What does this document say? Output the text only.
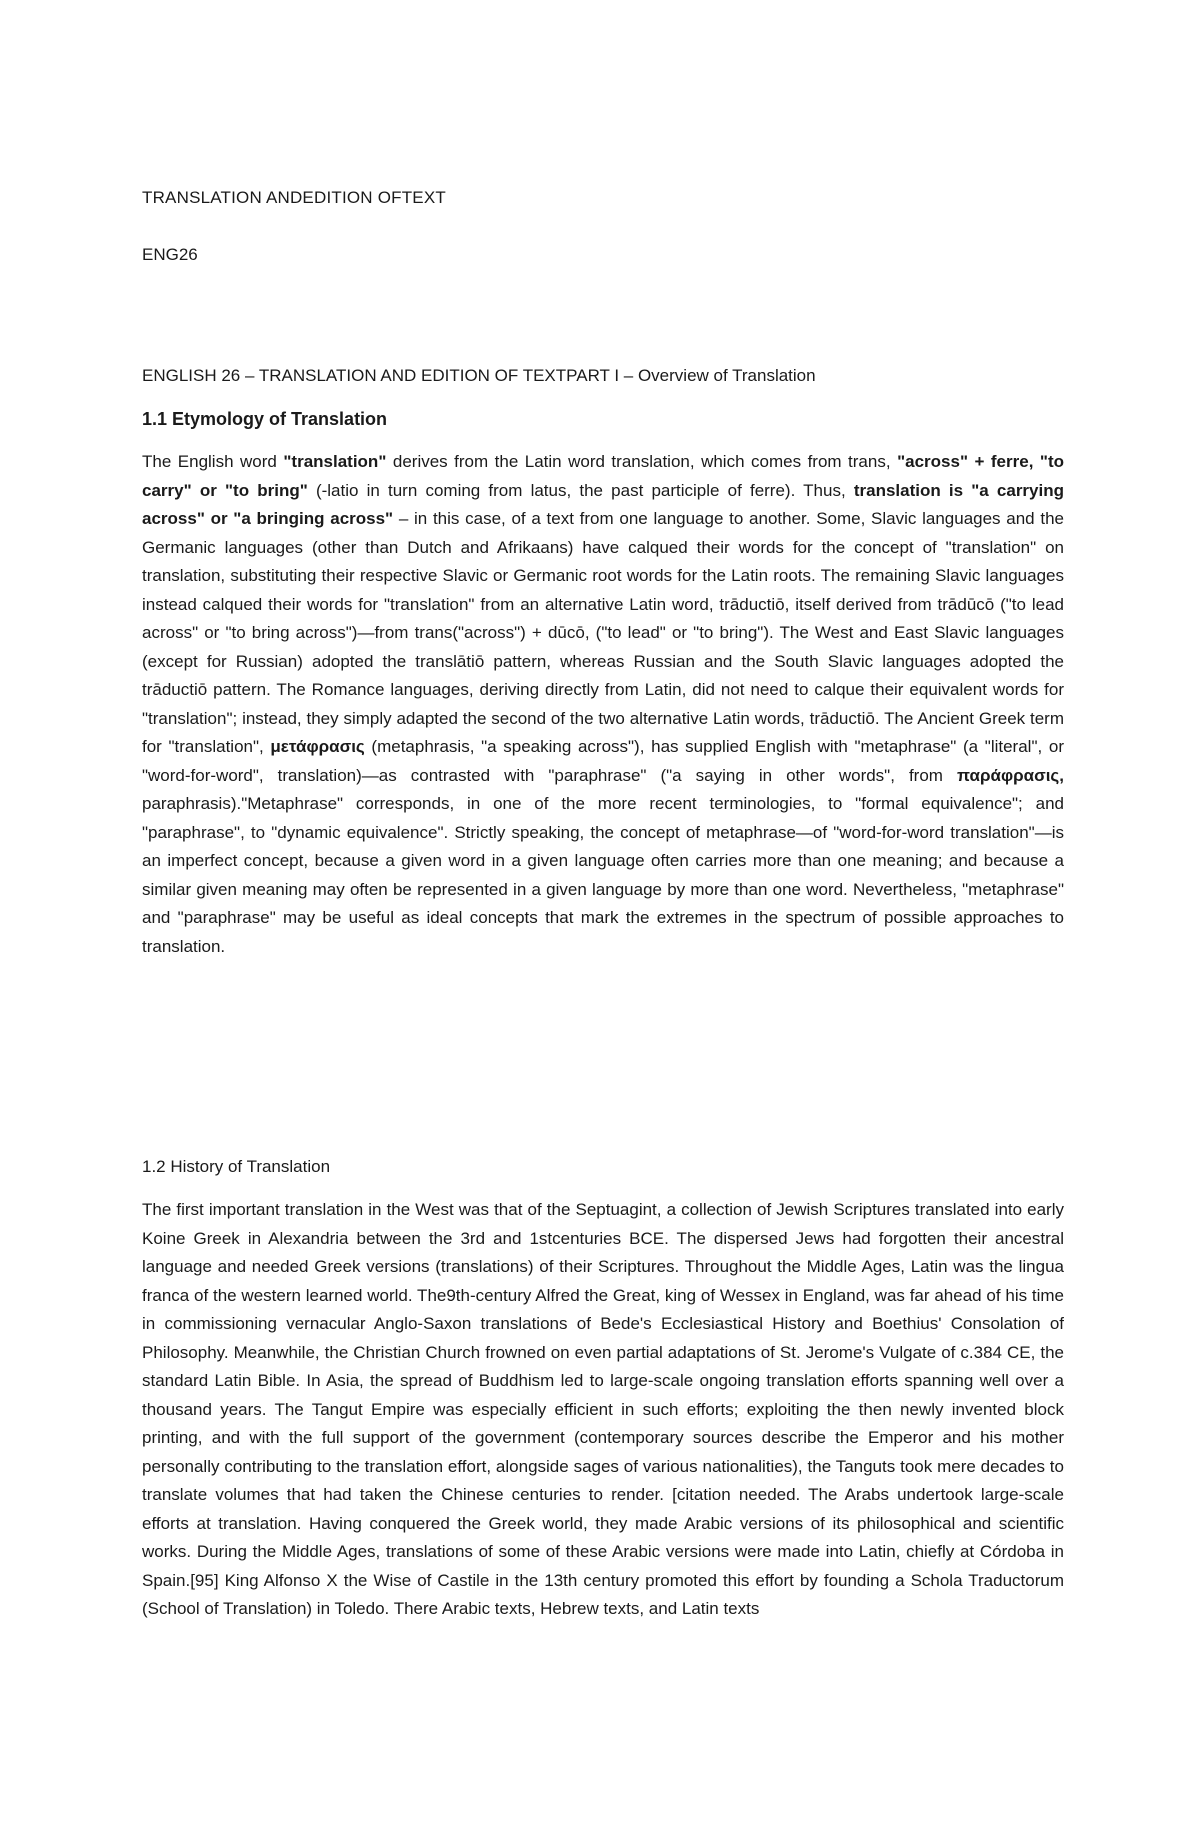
TRANSLATION ANDEDITION OFTEXT

ENG26

ENGLISH 26 – TRANSLATION AND EDITION OF TEXTPART I – Overview of Translation

1.1 Etymology of Translation

The English word "translation" derives from the Latin word translation, which comes from trans, "across" + ferre, "to carry" or "to bring" (-latio in turn coming from latus, the past participle of ferre). Thus, translation is "a carrying across" or "a bringing across" – in this case, of a text from one language to another. Some, Slavic languages and the Germanic languages (other than Dutch and Afrikaans) have calqued their words for the concept of "translation" on translation, substituting their respective Slavic or Germanic root words for the Latin roots. The remaining Slavic languages instead calqued their words for "translation" from an alternative Latin word, trāductiō, itself derived from trādūcō ("to lead across" or "to bring across")—from trans("across") + dūcō, ("to lead" or "to bring"). The West and East Slavic languages (except for Russian) adopted the translātiō pattern, whereas Russian and the South Slavic languages adopted the trāductiō pattern. The Romance languages, deriving directly from Latin, did not need to calque their equivalent words for "translation"; instead, they simply adapted the second of the two alternative Latin words, trāductiō. The Ancient Greek term for "translation", μετάφρασις (metaphrasis, "a speaking across"), has supplied English with "metaphrase" (a "literal", or "word-for-word", translation)—as contrasted with "paraphrase" ("a saying in other words", from παράφρασις, paraphrasis)."Metaphrase" corresponds, in one of the more recent terminologies, to "formal equivalence"; and "paraphrase", to "dynamic equivalence". Strictly speaking, the concept of metaphrase—of "word-for-word translation"—is an imperfect concept, because a given word in a given language often carries more than one meaning; and because a similar given meaning may often be represented in a given language by more than one word. Nevertheless, "metaphrase" and "paraphrase" may be useful as ideal concepts that mark the extremes in the spectrum of possible approaches to translation.

1.2 History of Translation

The first important translation in the West was that of the Septuagint, a collection of Jewish Scriptures translated into early Koine Greek in Alexandria between the 3rd and 1stcenturies BCE. The dispersed Jews had forgotten their ancestral language and needed Greek versions (translations) of their Scriptures. Throughout the Middle Ages, Latin was the lingua franca of the western learned world. The9th-century Alfred the Great, king of Wessex in England, was far ahead of his time in commissioning vernacular Anglo-Saxon translations of Bede's Ecclesiastical History and Boethius' Consolation of Philosophy. Meanwhile, the Christian Church frowned on even partial adaptations of St. Jerome's Vulgate of c.384 CE, the standard Latin Bible. In Asia, the spread of Buddhism led to large-scale ongoing translation efforts spanning well over a thousand years. The Tangut Empire was especially efficient in such efforts; exploiting the then newly invented block printing, and with the full support of the government (contemporary sources describe the Emperor and his mother personally contributing to the translation effort, alongside sages of various nationalities), the Tanguts took mere decades to translate volumes that had taken the Chinese centuries to render. [citation needed. The Arabs undertook large-scale efforts at translation. Having conquered the Greek world, they made Arabic versions of its philosophical and scientific works. During the Middle Ages, translations of some of these Arabic versions were made into Latin, chiefly at Córdoba in Spain.[95] King Alfonso X the Wise of Castile in the 13th century promoted this effort by founding a Schola Traductorum (School of Translation) in Toledo. There Arabic texts, Hebrew texts, and Latin texts
